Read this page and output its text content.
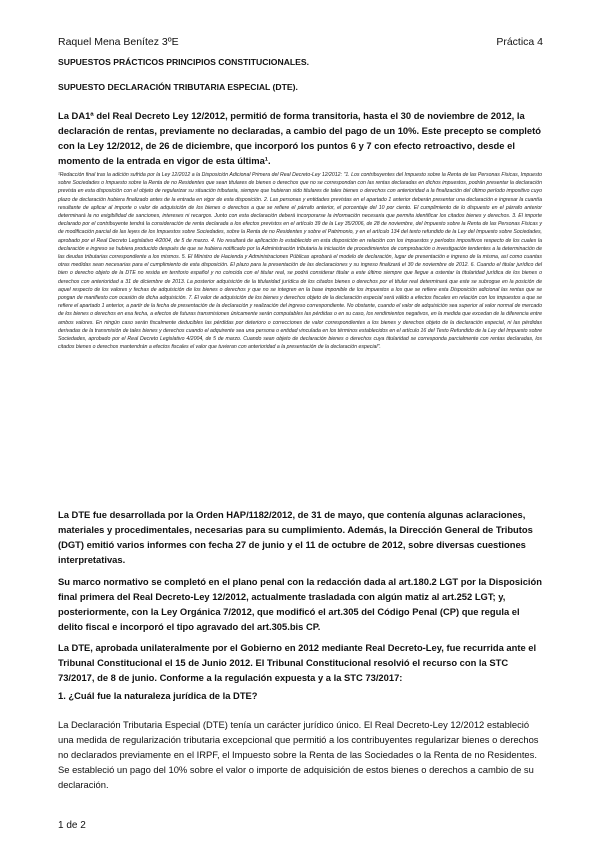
Raquel Mena Benítez 3ºE	Práctica 4
SUPUESTOS PRÁCTICOS PRINCIPIOS CONSTITUCIONALES.
SUPUESTO DECLARACIÓN TRIBUTARIA ESPECIAL (DTE).
La DA1ª del Real Decreto Ley 12/2012, permitió de forma transitoria, hasta el 30 de noviembre de 2012, la declaración de rentas, previamente no declaradas, a cambio del pago de un 10%. Este precepto se completó con la Ley 12/2012, de 26 de diciembre, que incorporó los puntos 6 y 7 con efecto retroactivo, desde el momento de la entrada en vigor de esta última¹.
¹Redacción final tras la adición sufrida por la Ley 12/2012 a la Disposición Adicional Primera del Real Decreto-Ley 12/2012: "1. Los contribuyentes del Impuesto sobre la Renta de las Personas Físicas, Impuesto sobre Sociedades o Impuesto sobre la Renta de no Residentes que sean titulares de bienes o derechos que no se correspondan con las rentas declaradas en dichos impuestos, podrán presentar la declaración prevista en esta disposición con el objeto de regularizar su situación tributaria, siempre que hubieran sido titulares de tales bienes o derechos con anterioridad a la finalización del último período impositivo cuyo plazo de declaración hubiera finalizado antes de la entrada en vigor de esta disposición. 2. Las personas y entidades previstas en el apartado 1 anterior deberán presentar una declaración e ingresar la cuantía resultante de aplicar al importe o valor de adquisición de los bienes o derechos a que se refiere el párrafo anterior, el porcentaje del 10 por ciento. El cumplimiento de lo dispuesto en el párrafo anterior determinará la no exigibilidad de sanciones, intereses ni recargos. Junto con esta declaración deberá incorporarse la información necesaria que permita identificar los citados bienes y derechos. 3. El importe declarado por el contribuyente tendrá la consideración de renta declarada a los efectos previstos en el artículo 39 de la Ley 35/2006, de 28 de noviembre, del Impuesto sobre la Renta de las Personas Físicas y de modificación parcial de las leyes de los Impuestos sobre Sociedades, sobre la Renta de no Residentes y sobre el Patrimonio, y en el artículo 134 del texto refundido de la Ley del Impuesto sobre Sociedades, aprobado por el Real Decreto Legislativo 4/2004, de 5 de marzo. 4. No resultará de aplicación lo establecido en esta disposición en relación con los impuestos y períodos impositivos respecto de los cuales la declaración e ingreso se hubiera producido después de que se hubiera notificado por la Administración tributaria la iniciación de procedimientos de comprobación o investigación tendentes a la determinación de las deudas tributarias correspondiente a los mismos. 5. El Ministro de Hacienda y Administraciones Públicas aprobará el modelo de declaración, lugar de presentación e ingreso de la misma, así como cuantas otras medidas sean necesarias para el cumplimiento de esta disposición. El plazo para la presentación de las declaraciones y su ingreso finalizará el 30 de noviembre de 2012. 6. Cuando el titular jurídico del bien o derecho objeto de la DTE no resida en territorio español y no coincida con el titular real, se podrá considerar titular a este último siempre que llegue a ostentar la titularidad jurídica de los bienes o derechos con anterioridad a 31 de diciembre de 2013. La posterior adquisición de la titularidad jurídica de los citados bienes o derechos por el titular real determinará que este se subrogue en la posición de aquel respecto de los valores y fechas de adquisición de los bienes o derechos y que no se integren en la base imponible de los impuestos a los que se refiere esta Disposición adicional las rentas que se pongan de manifiesto con ocasión de dicha adquisición. 7. El valor de adquisición de los bienes y derechos objeto de la declaración especial será válido a efectos fiscales en relación con los impuestos a que se refiere el apartado 1 anterior, a partir de la fecha de presentación de la declaración y realización del ingreso correspondiente. No obstante, cuando el valor de adquisición sea superior al valor normal de mercado de los bienes o derechos en esa fecha, a efectos de futuras transmisiones únicamente serán computables las pérdidas o en su caso, los rendimientos negativos, en la medida que excedan de la diferencia entre ambos valores. En ningún caso serán fiscalmente deducibles las pérdidas por deterioro o correcciones de valor correspondientes a los bienes y derechos objeto de la declaración especial, ni las pérdidas derivadas de la transmisión de tales bienes y derechos cuando el adquirente sea una persona o entidad vinculada en los términos establecidos en el artículo 16 del Texto Refundido de la Ley del Impuesto sobre Sociedades, aprobado por el Real Decreto Legislativo 4/2004, de 5 de marzo. Cuando sean objeto de declaración bienes o derechos cuya titularidad se corresponda parcialmente con rentas declaradas, los citados bienes o derechos mantendrán a efectos fiscales el valor que tuvieran con anterioridad a la presentación de la declaración especial".
La DTE fue desarrollada por la Orden HAP/1182/2012, de 31 de mayo, que contenía algunas aclaraciones, materiales y procedimentales, necesarias para su cumplimiento. Además, la Dirección General de Tributos (DGT) emitió varios informes con fecha 27 de junio y el 11 de octubre de 2012, sobre diversas cuestiones interpretativas.
Su marco normativo se completó en el plano penal con la redacción dada al art.180.2 LGT por la Disposición final primera del Real Decreto-Ley 12/2012, actualmente trasladada con algún matiz al art.252 LGT; y, posteriormente, con la Ley Orgánica 7/2012, que modificó el art.305 del Código Penal (CP) que regula el delito fiscal e incorporó el tipo agravado del art.305.bis CP.
La DTE, aprobada unilateralmente por el Gobierno en 2012 mediante Real Decreto-Ley, fue recurrida ante el Tribunal Constitucional el 15 de Junio 2012. El Tribunal Constitucional resolvió el recurso con la STC 73/2017, de 8 de junio. Conforme a la regulación expuesta y a la STC 73/2017:
1. ¿Cuál fue la naturaleza jurídica de la DTE?
La Declaración Tributaria Especial (DTE) tenía un carácter jurídico único. El Real Decreto-Ley 12/2012 estableció una medida de regularización tributaria excepcional que permitió a los contribuyentes regularizar bienes o derechos no declarados previamente en el IRPF, el Impuesto sobre la Renta de las Sociedades o la Renta de no Residentes. Se estableció un pago del 10% sobre el valor o importe de adquisición de estos bienes o derechos a cambio de su declaración.
1 de 2
